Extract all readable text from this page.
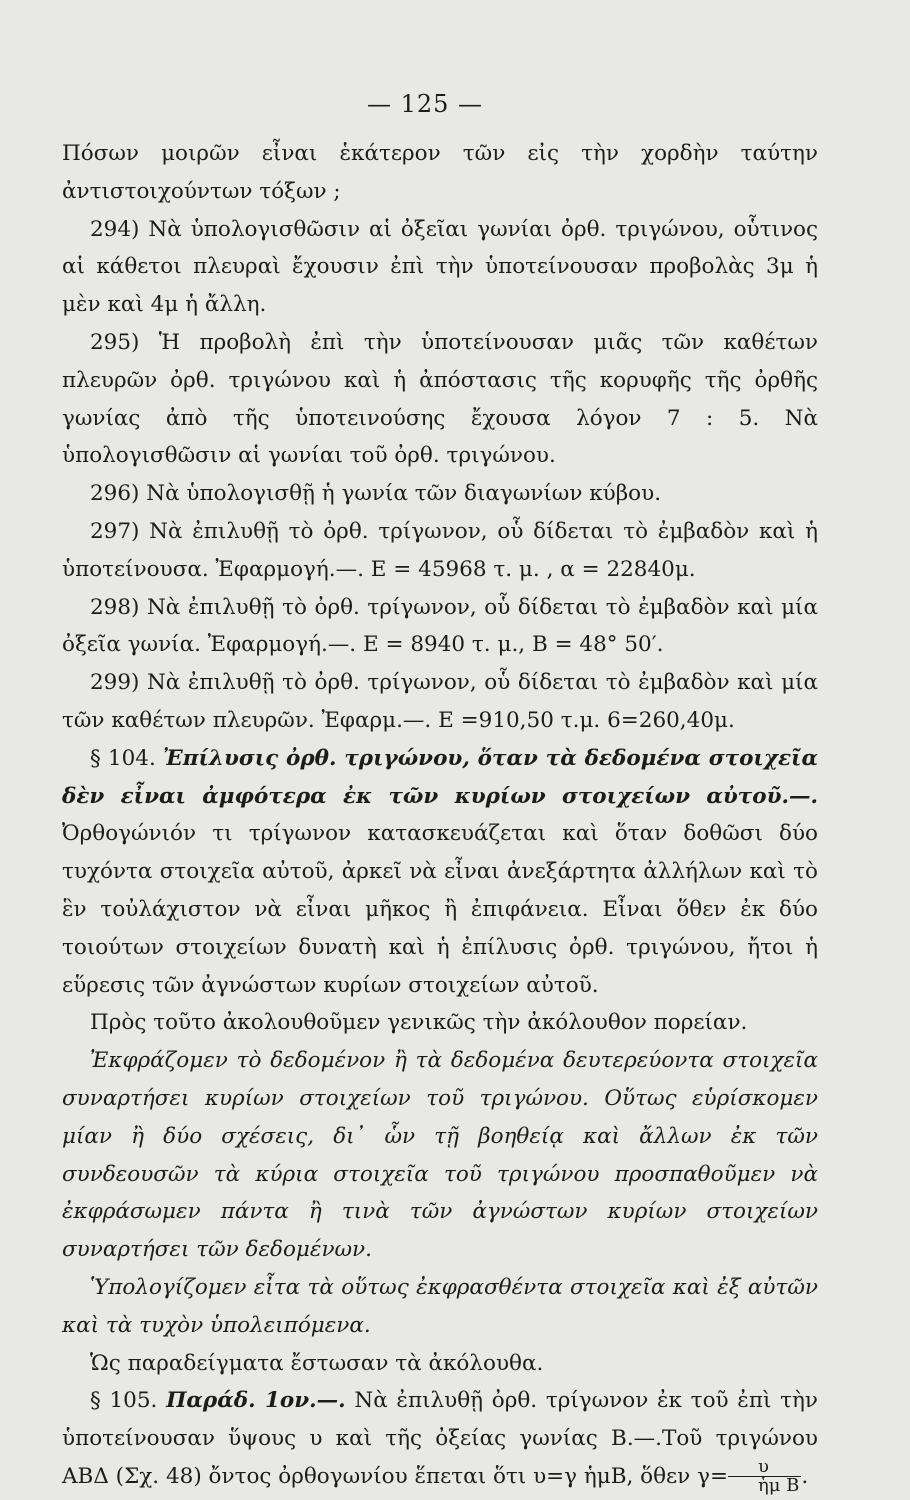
— 125 —

Πόσων μοιρῶν εἶναι ἑκάτερον τῶν εἰς τὴν χορδὴν ταύτην ἀντιστοιχούντων τόξων ;

294) Νὰ ὑπολογισθῶσιν αἱ ὀξεῖαι γωνίαι ὀρθ. τριγώνου, οὗτινος αἱ κάθετοι πλευραὶ ἔχουσιν ἐπὶ τὴν ὑποτείνουσαν προβολὰς 3μ ἡ μὲν καὶ 4μ ἡ ἄλλη.

295) Ἡ προβολὴ ἐπὶ τὴν ὑποτείνουσαν μιᾶς τῶν καθέτων πλευρῶν ὀρθ. τριγώνου καὶ ἡ ἀπόστασις τῆς κορυφῆς τῆς ὀρθῆς γωνίας ἀπὸ τῆς ὑποτεινούσης ἔχουσα λόγον 7 : 5. Νὰ ὑπολογισθῶσιν αἱ γωνίαι τοῦ ὀρθ. τριγώνου.

296) Νὰ ὑπολογισθῇ ἡ γωνία τῶν διαγωνίων κύβου.

297) Νὰ ἐπιλυθῇ τὸ ὀρθ. τρίγωνον, οὗ δίδεται τὸ ἐμβαδὸν καὶ ἡ ὑποτείνουσα. Ἐφαρμογή.—. Ε = 45968 τ. μ. , α = 22840μ.

298) Νὰ ἐπιλυθῇ τὸ ὀρθ. τρίγωνον, οὗ δίδεται τὸ ἐμβαδὸν καὶ μία ὀξεῖα γωνία. Ἐφαρμογή.—. Ε = 8940 τ. μ., Β = 48° 50′.

299) Νὰ ἐπιλυθῇ τὸ ὀρθ. τρίγωνον, οὗ δίδεται τὸ ἐμβαδὸν καὶ μία τῶν καθέτων πλευρῶν. Ἐφαρμ.—. Ε =910,50 τ.μ. 6=260,40μ.

§ 104. Ἐπίλυσις ὀρθ. τριγώνου, ὅταν τὰ δεδομένα στοιχεῖα δὲν εἶναι ἀμφότερα ἐκ τῶν κυρίων στοιχείων αὐτοῦ.—. Ὀρθογώνιόν τι τρίγωνον κατασκευάζεται καὶ ὅταν δοθῶσι δύο τυχόντα στοιχεῖα αὐτοῦ, ἀρκεῖ νὰ εἶναι ἀνεξάρτητα ἀλλήλων καὶ τὸ ἓν τοὐλάχιστον νὰ εἶναι μῆκος ἢ ἐπιφάνεια. Εἶναι ὅθεν ἐκ δύο τοιούτων στοιχείων δυνατὴ καὶ ἡ ἐπίλυσις ὀρθ. τριγώνου, ἤτοι ἡ εὕρεσις τῶν ἀγνώστων κυρίων στοιχείων αὐτοῦ.

Πρὸς τοῦτο ἀκολουθοῦμεν γενικῶς τὴν ἀκόλουθον πορείαν.

Ἐκφράζομεν τὸ δεδομένον ἢ τὰ δεδομένα δευτερεύοντα στοιχεῖα συναρτήσει κυρίων στοιχείων τοῦ τριγώνου. Οὕτως εὑρίσκομεν μίαν ἢ δύο σχέσεις, δι᾽ ὧν τῇ βοηθείᾳ καὶ ἄλλων ἐκ τῶν συνδεουσῶν τὰ κύρια στοιχεῖα τοῦ τριγώνου προσπαθοῦμεν νὰ ἐκφράσωμεν πάντα ἢ τινὰ τῶν ἀγνώστων κυρίων στοιχείων συναρτήσει τῶν δεδομένων.

Ὑπολογίζομεν εἶτα τὰ οὕτως ἐκφρασθέντα στοιχεῖα καὶ ἐξ αὐτῶν καὶ τὰ τυχὸν ὑπολειπόμενα.

Ὡς παραδείγματα ἔστωσαν τὰ ἀκόλουθα.

§ 105. Παράδ. 1ον.—. Νὰ ἐπιλυθῇ ὀρθ. τρίγωνον ἐκ τοῦ ἐπὶ τὴν ὑποτείνουσαν ὕψους υ καὶ τῆς ὀξείας γωνίας Β.—.Τοῦ τριγώνου ΑΒΔ (Σχ. 48) ὄντος ὀρθογωνίου ἕπεται ὅτι υ=γ ἡμΒ, ὅθεν $\gamma= \frac{\upsilon}{\text{ἡμ Β}}$ .
